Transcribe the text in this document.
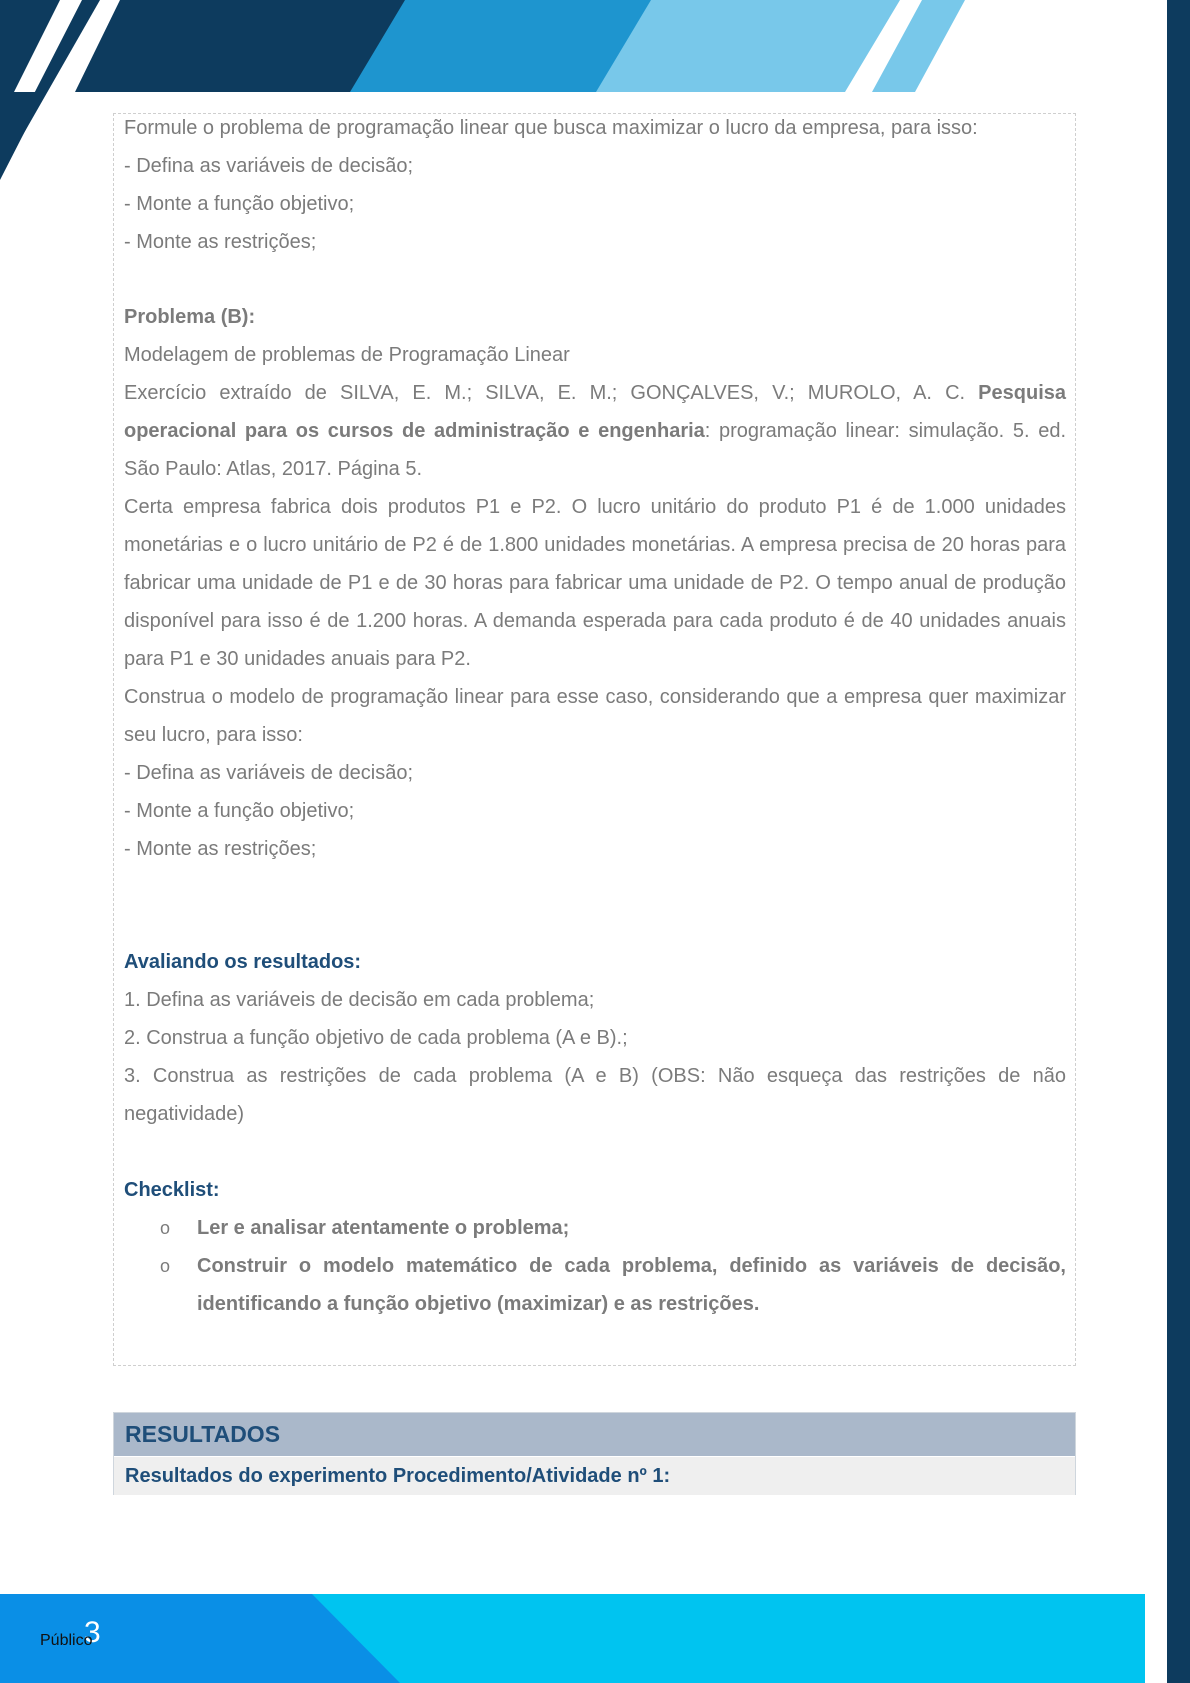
Formule o problema de programação linear que busca maximizar o lucro da empresa, para isso:

- Defina as variáveis de decisão;

- Monte a função objetivo;

- Monte as restrições;

Problema (B):

Modelagem de problemas de Programação Linear

Exercício extraído de SILVA, E. M.; SILVA, E. M.; GONÇALVES, V.; MUROLO, A. C. Pesquisa operacional para os cursos de administração e engenharia: programação linear: simulação. 5. ed. São Paulo: Atlas, 2017. Página 5.

Certa empresa fabrica dois produtos P1 e P2. O lucro unitário do produto P1 é de 1.000 unidades monetárias e o lucro unitário de P2 é de 1.800 unidades monetárias. A empresa precisa de 20 horas para fabricar uma unidade de P1 e de 30 horas para fabricar uma unidade de P2. O tempo anual de produção disponível para isso é de 1.200 horas. A demanda esperada para cada produto é de 40 unidades anuais para P1 e 30 unidades anuais para P2.

Construa o modelo de programação linear para esse caso, considerando que a empresa quer maximizar seu lucro, para isso:

- Defina as variáveis de decisão;

- Monte a função objetivo;

- Monte as restrições;

Avaliando os resultados:

1. Defina as variáveis de decisão em cada problema;

2. Construa a função objetivo de cada problema (A e B).;

3. Construa as restrições de cada problema (A e B) (OBS: Não esqueça das restrições de não negatividade)

Checklist:

o Ler e analisar atentamente o problema;

o Construir o modelo matemático de cada problema, definido as variáveis de decisão, identificando a função objetivo (maximizar) e as restrições.

RESULTADOS
Resultados do experimento Procedimento/Atividade nº 1:
3
Público
